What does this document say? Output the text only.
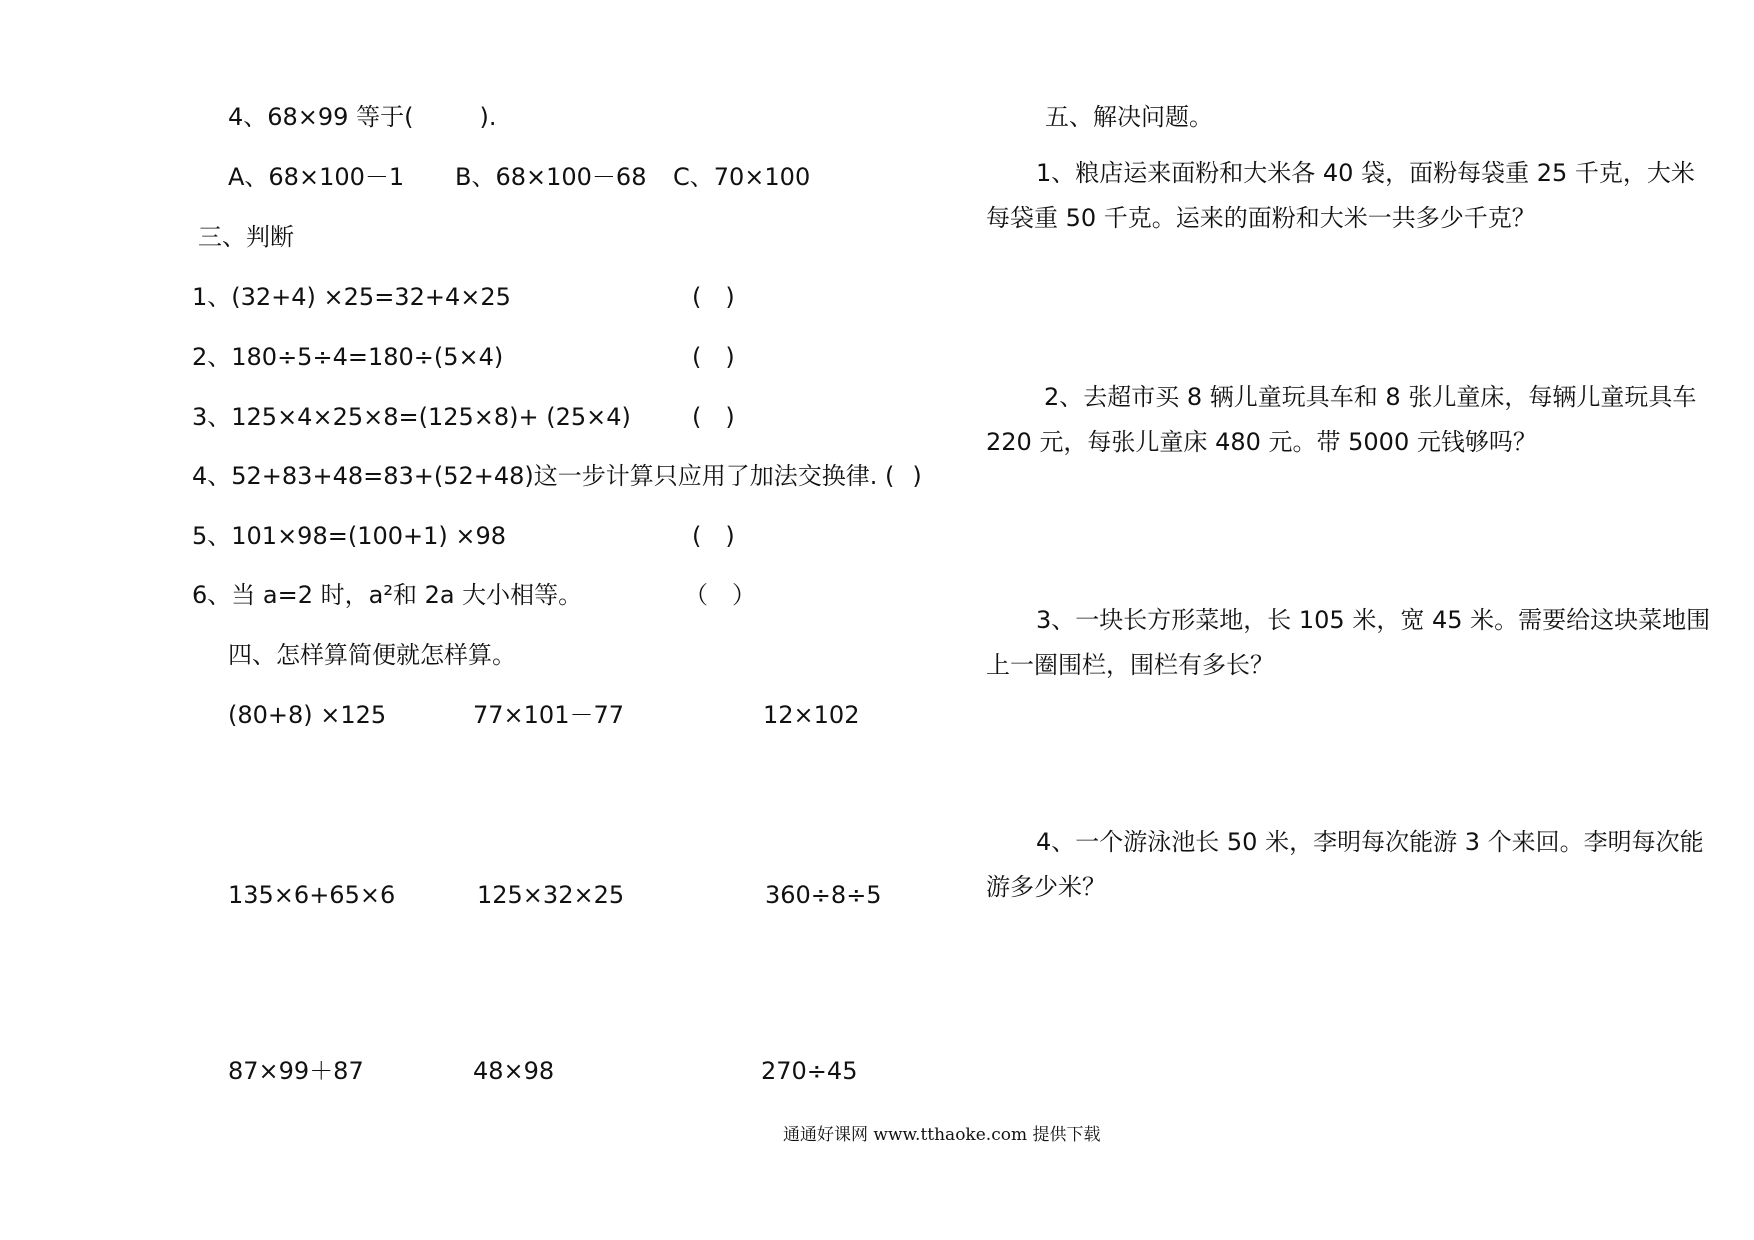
4、68×99 等于(	).
A、68×100－1 B、68×100－68 C、70×100
三、判断
1、(32+4) ×25=32+4×25	(　)
2、180÷5÷4=180÷(5×4)	(　)
3、125×4×25×8=(125×8)+ (25×4)	(　)
4、52+83+48=83+(52+48)这一步计算只应用了加法交换律. ( )
5、101×98=(100+1) ×98	(　)
6、当 a=2 时，a²和 2a 大小相等。	（　）
四、怎样算简便就怎样算。
(80+8) ×125	77×101－77	12×102
135×6+65×6	125×32×25	360÷8÷5
87×99＋87	48×98	270÷45
五、解决问题。
1、粮店运来面粉和大米各 40 袋，面粉每袋重 25 千克，大米每袋重 50 千克。运来的面粉和大米一共多少千克？
2、去超市买 8 辆儿童玩具车和 8 张儿童床，每辆儿童玩具车 220 元，每张儿童床 480 元。带 5000 元钱够吗？
3、一块长方形菜地，长 105 米，宽 45 米。需要给这块菜地围上一圈围栏，围栏有多长？
4、一个游泳池长 50 米，李明每次能游 3 个来回。李明每次能游多少米？
通通好课网 www.tthaoke.com 提供下载
